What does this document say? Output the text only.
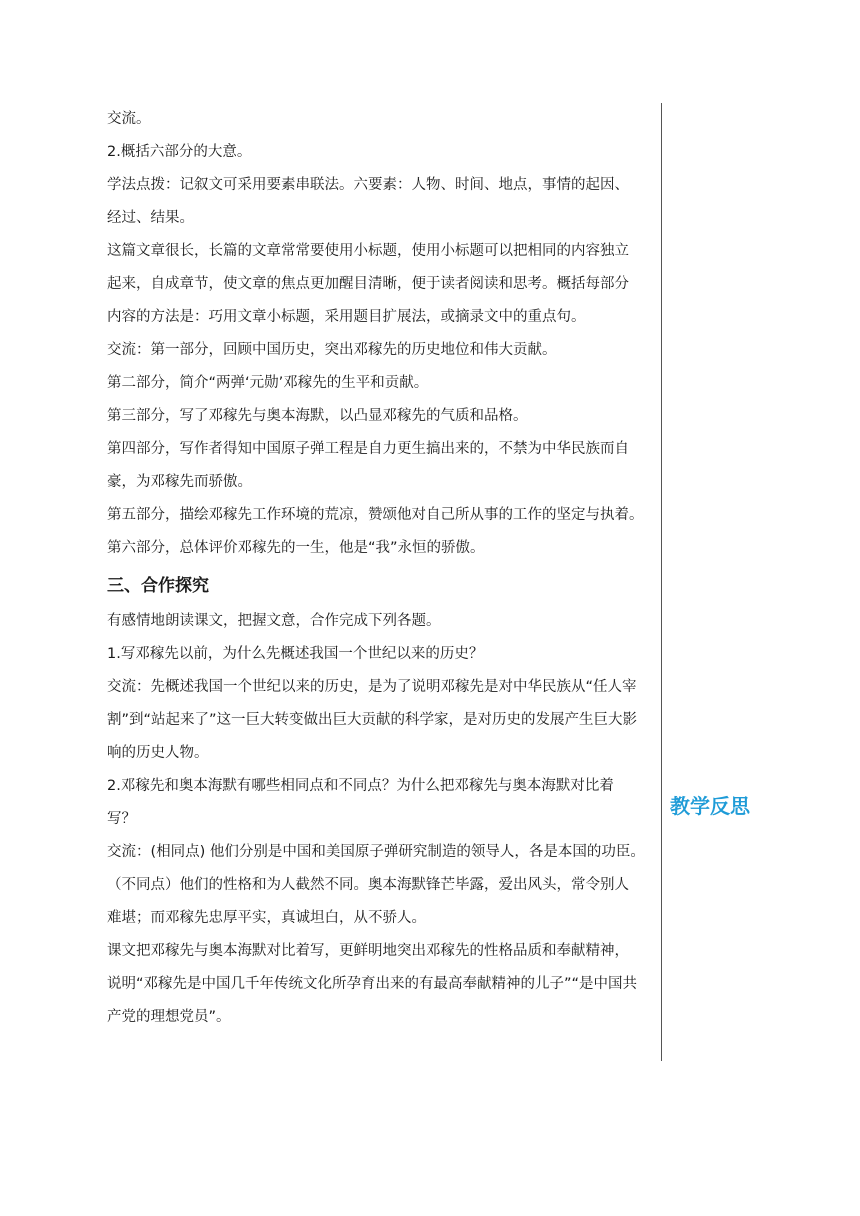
交流。
2.概括六部分的大意。
学法点拨：记叙文可采用要素串联法。六要素：人物、时间、地点，事情的起因、
经过、结果。
这篇文章很长，长篇的文章常常要使用小标题，使用小标题可以把相同的内容独立
起来，自成章节，使文章的焦点更加醒目清晰，便于读者阅读和思考。概括每部分
内容的方法是：巧用文章小标题，采用题目扩展法，或摘录文中的重点句。
交流：第一部分，回顾中国历史，突出邓稼先的历史地位和伟大贡献。
第二部分，简介“两弹‘元勋’邓稼先的生平和贡献。
第三部分，写了邓稼先与奥本海默，以凸显邓稼先的气质和品格。
第四部分，写作者得知中国原子弹工程是自力更生搞出来的，不禁为中华民族而自
豪，为邓稼先而骄傲。
第五部分，描绘邓稼先工作环境的荒凉，赞颂他对自己所从事的工作的坚定与执着。
第六部分，总体评价邓稼先的一生，他是“我”永恒的骄傲。
三、合作探究
有感情地朗读课文，把握文意，合作完成下列各题。
1.写邓稼先以前，为什么先概述我国一个世纪以来的历史？
交流：先概述我国一个世纪以来的历史，是为了说明邓稼先是对中华民族从“任人宰
割”到“站起来了”这一巨大转变做出巨大贡献的科学家，是对历史的发展产生巨大影
响的历史人物。
2.邓稼先和奥本海默有哪些相同点和不同点？为什么把邓稼先与奥本海默对比着
写？
交流：(相同点) 他们分别是中国和美国原子弹研究制造的领导人，各是本国的功臣。
（不同点）他们的性格和为人截然不同。奥本海默锋芒毕露，爱出风头，常令别人
难堪；而邓稼先忠厚平实，真诚坦白，从不骄人。
课文把邓稼先与奥本海默对比着写，更鲜明地突出邓稼先的性格品质和奉献精神，
说明“邓稼先是中国几千年传统文化所孕育出来的有最高奉献精神的儿子”“是中国共
产党的理想党员”。
教学反思
